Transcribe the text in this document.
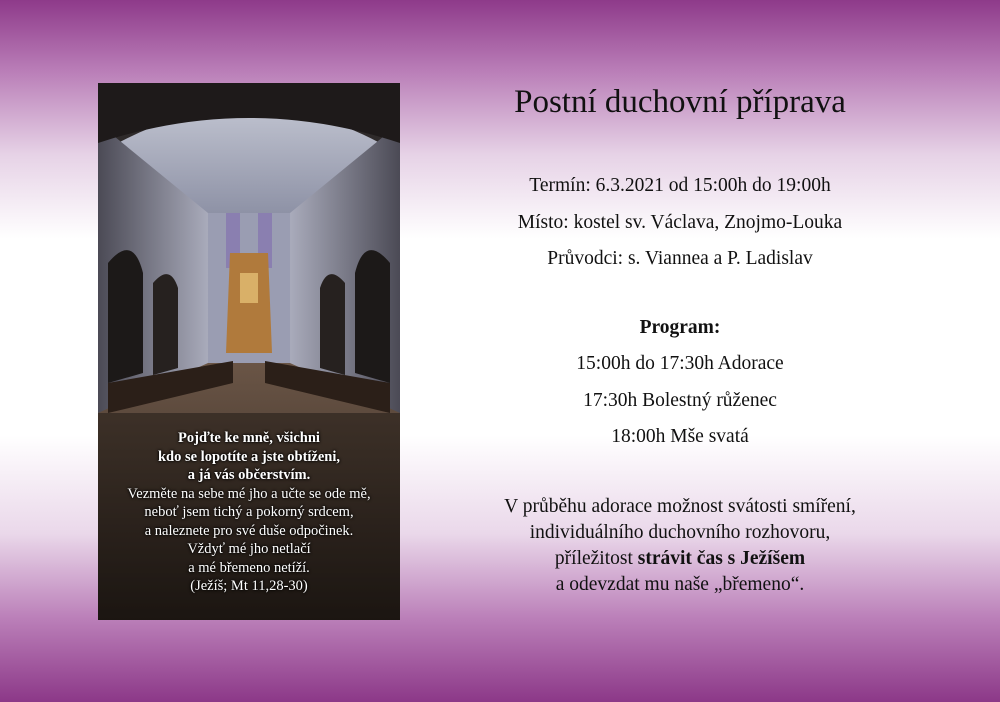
Pojďte ke mně, všichni
kdo se lopotíte a jste obtíženi,
a já vás občerstvím.
Vezměte na sebe mé jho a učte se ode mě,
neboť jsem tichý a pokorný srdcem,
a naleznete pro své duše odpočinek.
Vždyť mé jho netlačí
a mé břemeno netíží.
(Ježíš; Mt 11,28-30)
Postní duchovní příprava
Termín: 6.3.2021 od 15:00h do 19:00h
Místo: kostel sv. Václava, Znojmo-Louka
Průvodci: s. Viannea a P. Ladislav
Program:
15:00h do 17:30h Adorace
17:30h Bolestný růženec
18:00h Mše svatá
V průběhu adorace možnost svátosti smíření,
individuálního duchovního rozhovoru,
příležitost strávit čas s Ježíšem
a odevzdat mu naše „břemeno“.
